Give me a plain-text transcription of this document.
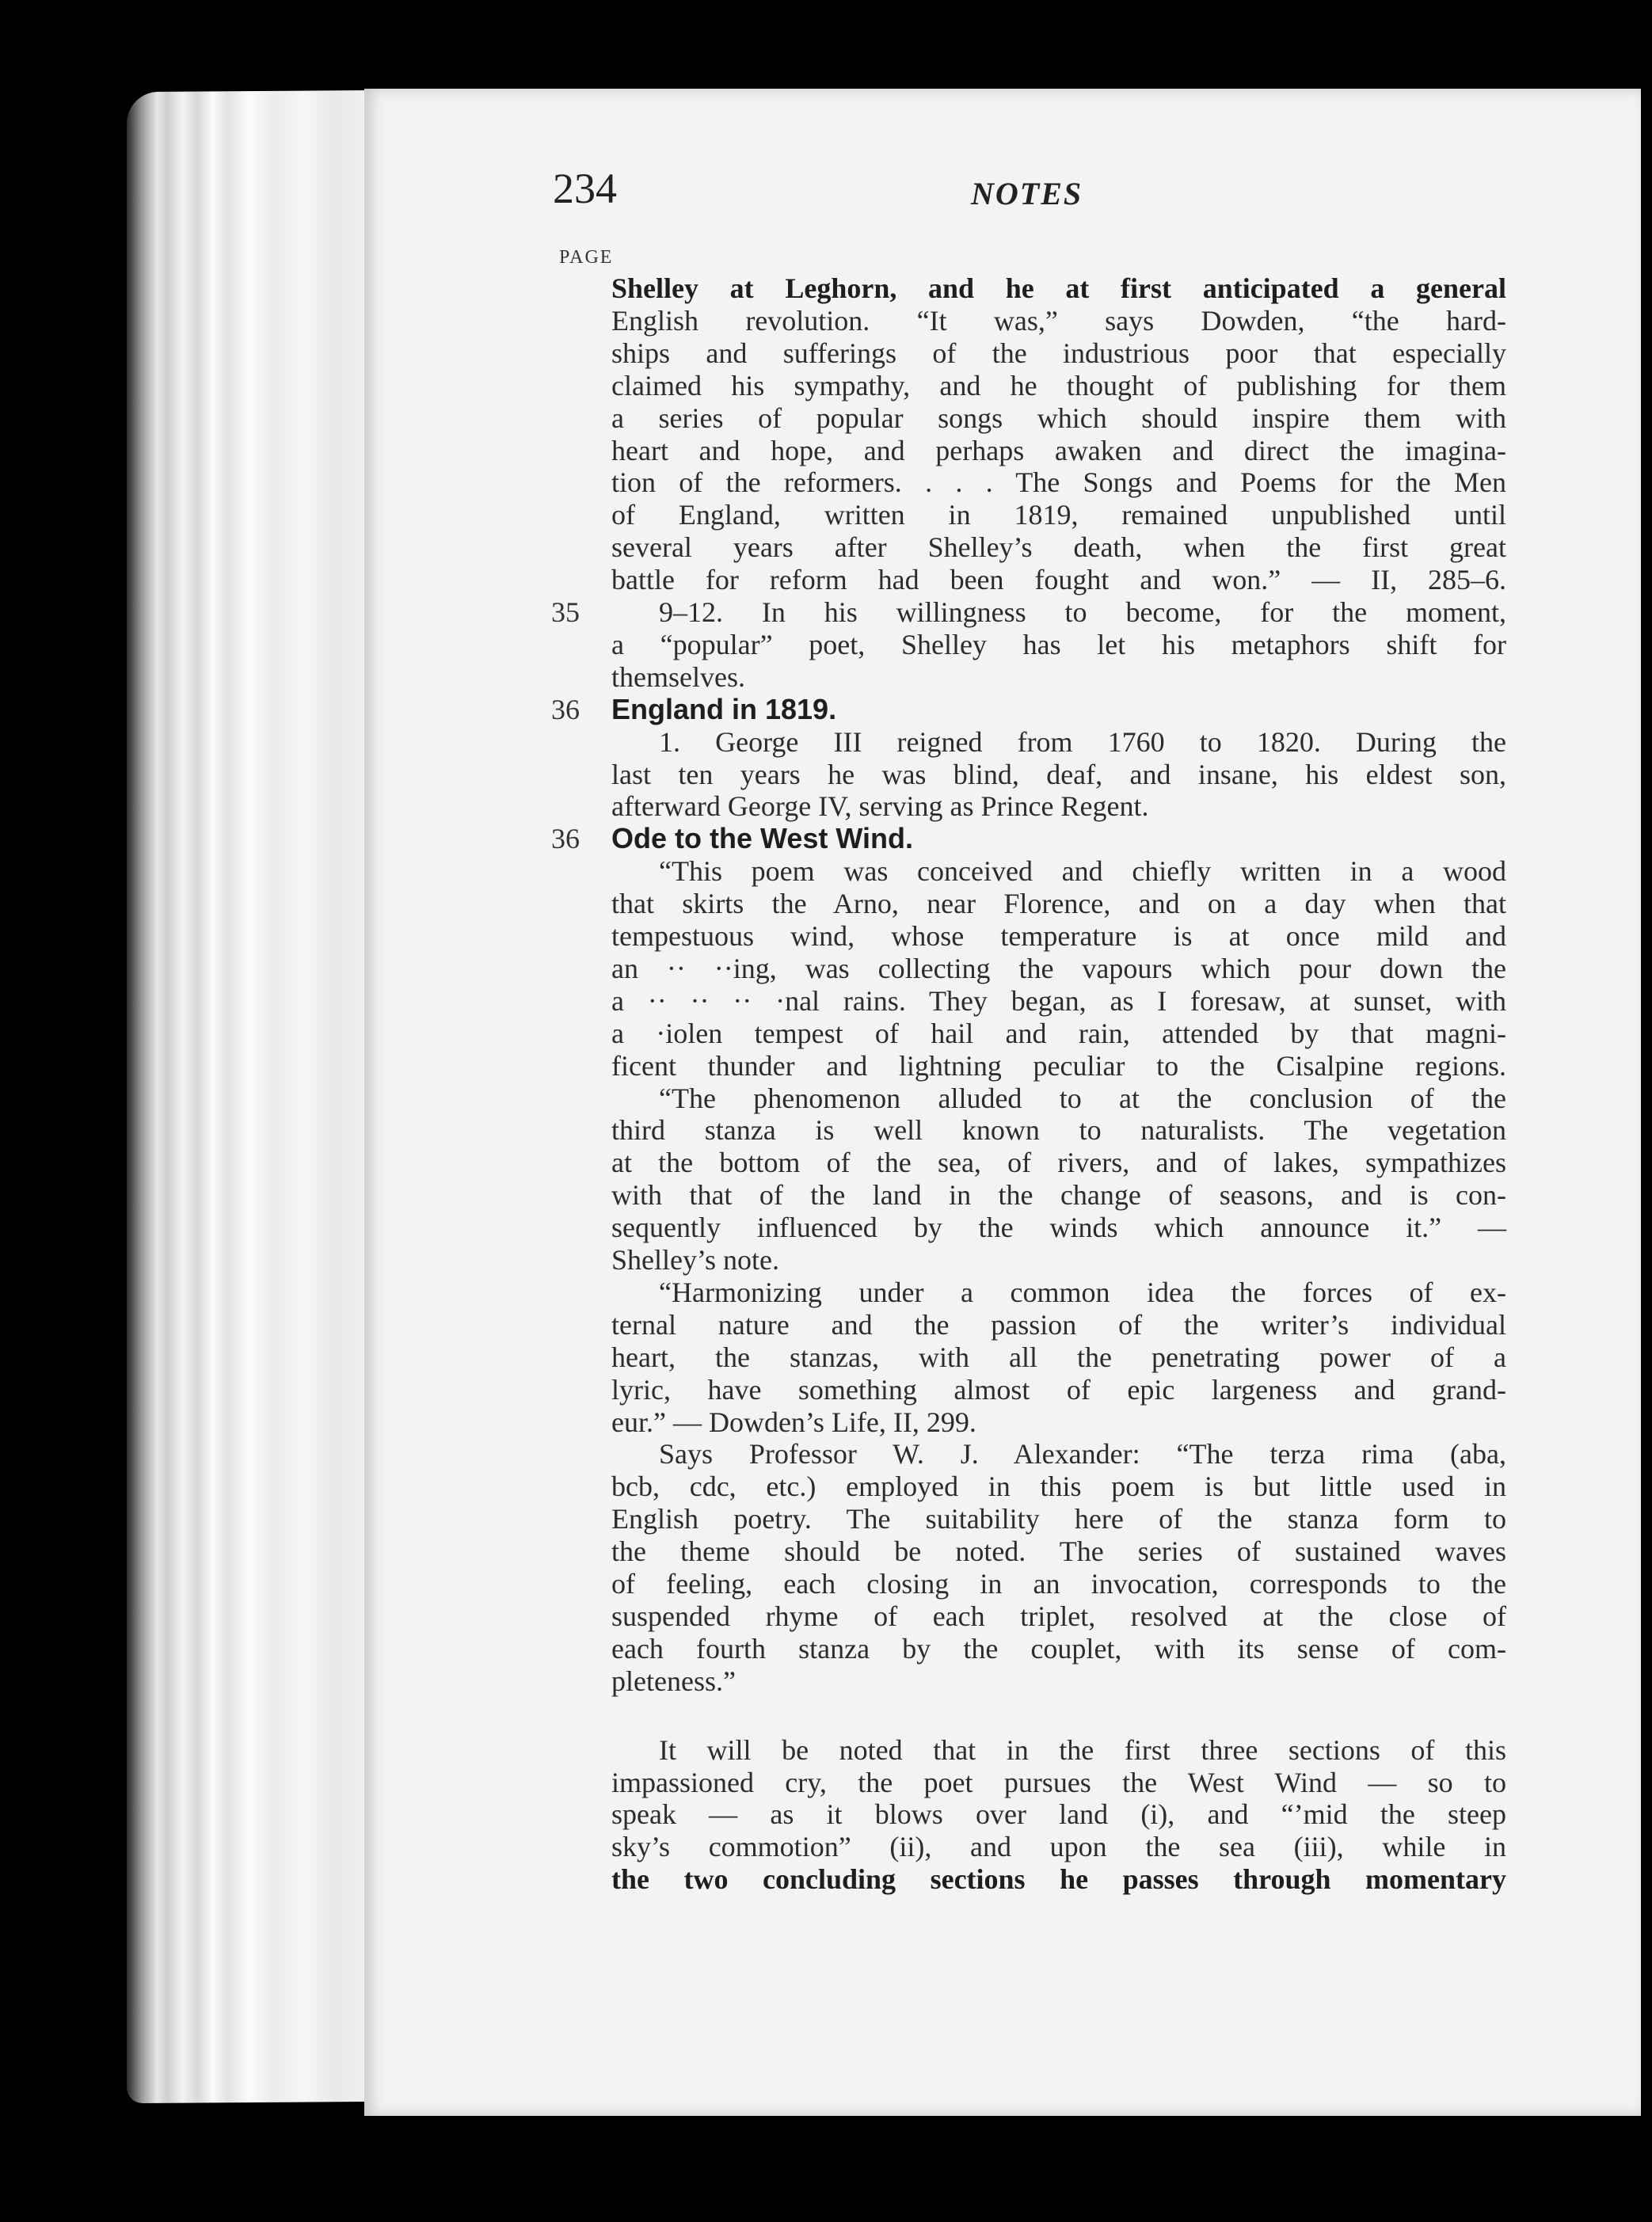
234	NOTES
PAGE
Shelley at Leghorn, and he at first anticipated a general
English revolution. “It was,” says Dowden, “the hard-
ships and sufferings of the industrious poor that especially
claimed his sympathy, and he thought of publishing for them
a series of popular songs which should inspire them with
heart and hope, and perhaps awaken and direct the imagina-
tion of the reformers. . . . The Songs and Poems for the Men
of England, written in 1819, remained unpublished until
several years after Shelley’s death, when the first great
battle for reform had been fought and won.” — II, 285–6.
35	9–12. In his willingness to become, for the moment,
a “popular” poet, Shelley has let his metaphors shift for
themselves.
36	England in 1819.
1. George III reigned from 1760 to 1820. During the
last ten years he was blind, deaf, and insane, his eldest son,
afterward George IV, serving as Prince Regent.
36	Ode to the West Wind.
“This poem was conceived and chiefly written in a wood
that skirts the Arno, near Florence, and on a day when that
tempestuous wind, whose temperature is at once mild and
an ·· ··ing, was collecting the vapours which pour down the
a ·· ·· ·· ·nal rains. They began, as I foresaw, at sunset, with
a ·iolen tempest of hail and rain, attended by that magni-
ficent thunder and lightning peculiar to the Cisalpine regions.
“The phenomenon alluded to at the conclusion of the
third stanza is well known to naturalists. The vegetation
at the bottom of the sea, of rivers, and of lakes, sympathizes
with that of the land in the change of seasons, and is con-
sequently influenced by the winds which announce it.” —
Shelley’s note.
“Harmonizing under a common idea the forces of ex-
ternal nature and the passion of the writer’s individual
heart, the stanzas, with all the penetrating power of a
lyric, have something almost of epic largeness and grand-
eur.” — Dowden’s Life, II, 299.
Says Professor W. J. Alexander: “The terza rima (aba,
bcb, cdc, etc.) employed in this poem is but little used in
English poetry. The suitability here of the stanza form to
the theme should be noted. The series of sustained waves
of feeling, each closing in an invocation, corresponds to the
suspended rhyme of each triplet, resolved at the close of
each fourth stanza by the couplet, with its sense of com-
pleteness.”
It will be noted that in the first three sections of this
impassioned cry, the poet pursues the West Wind — so to
speak — as it blows over land (i), and “’mid the steep
sky’s commotion” (ii), and upon the sea (iii), while in
the two concluding sections he passes through momentary
